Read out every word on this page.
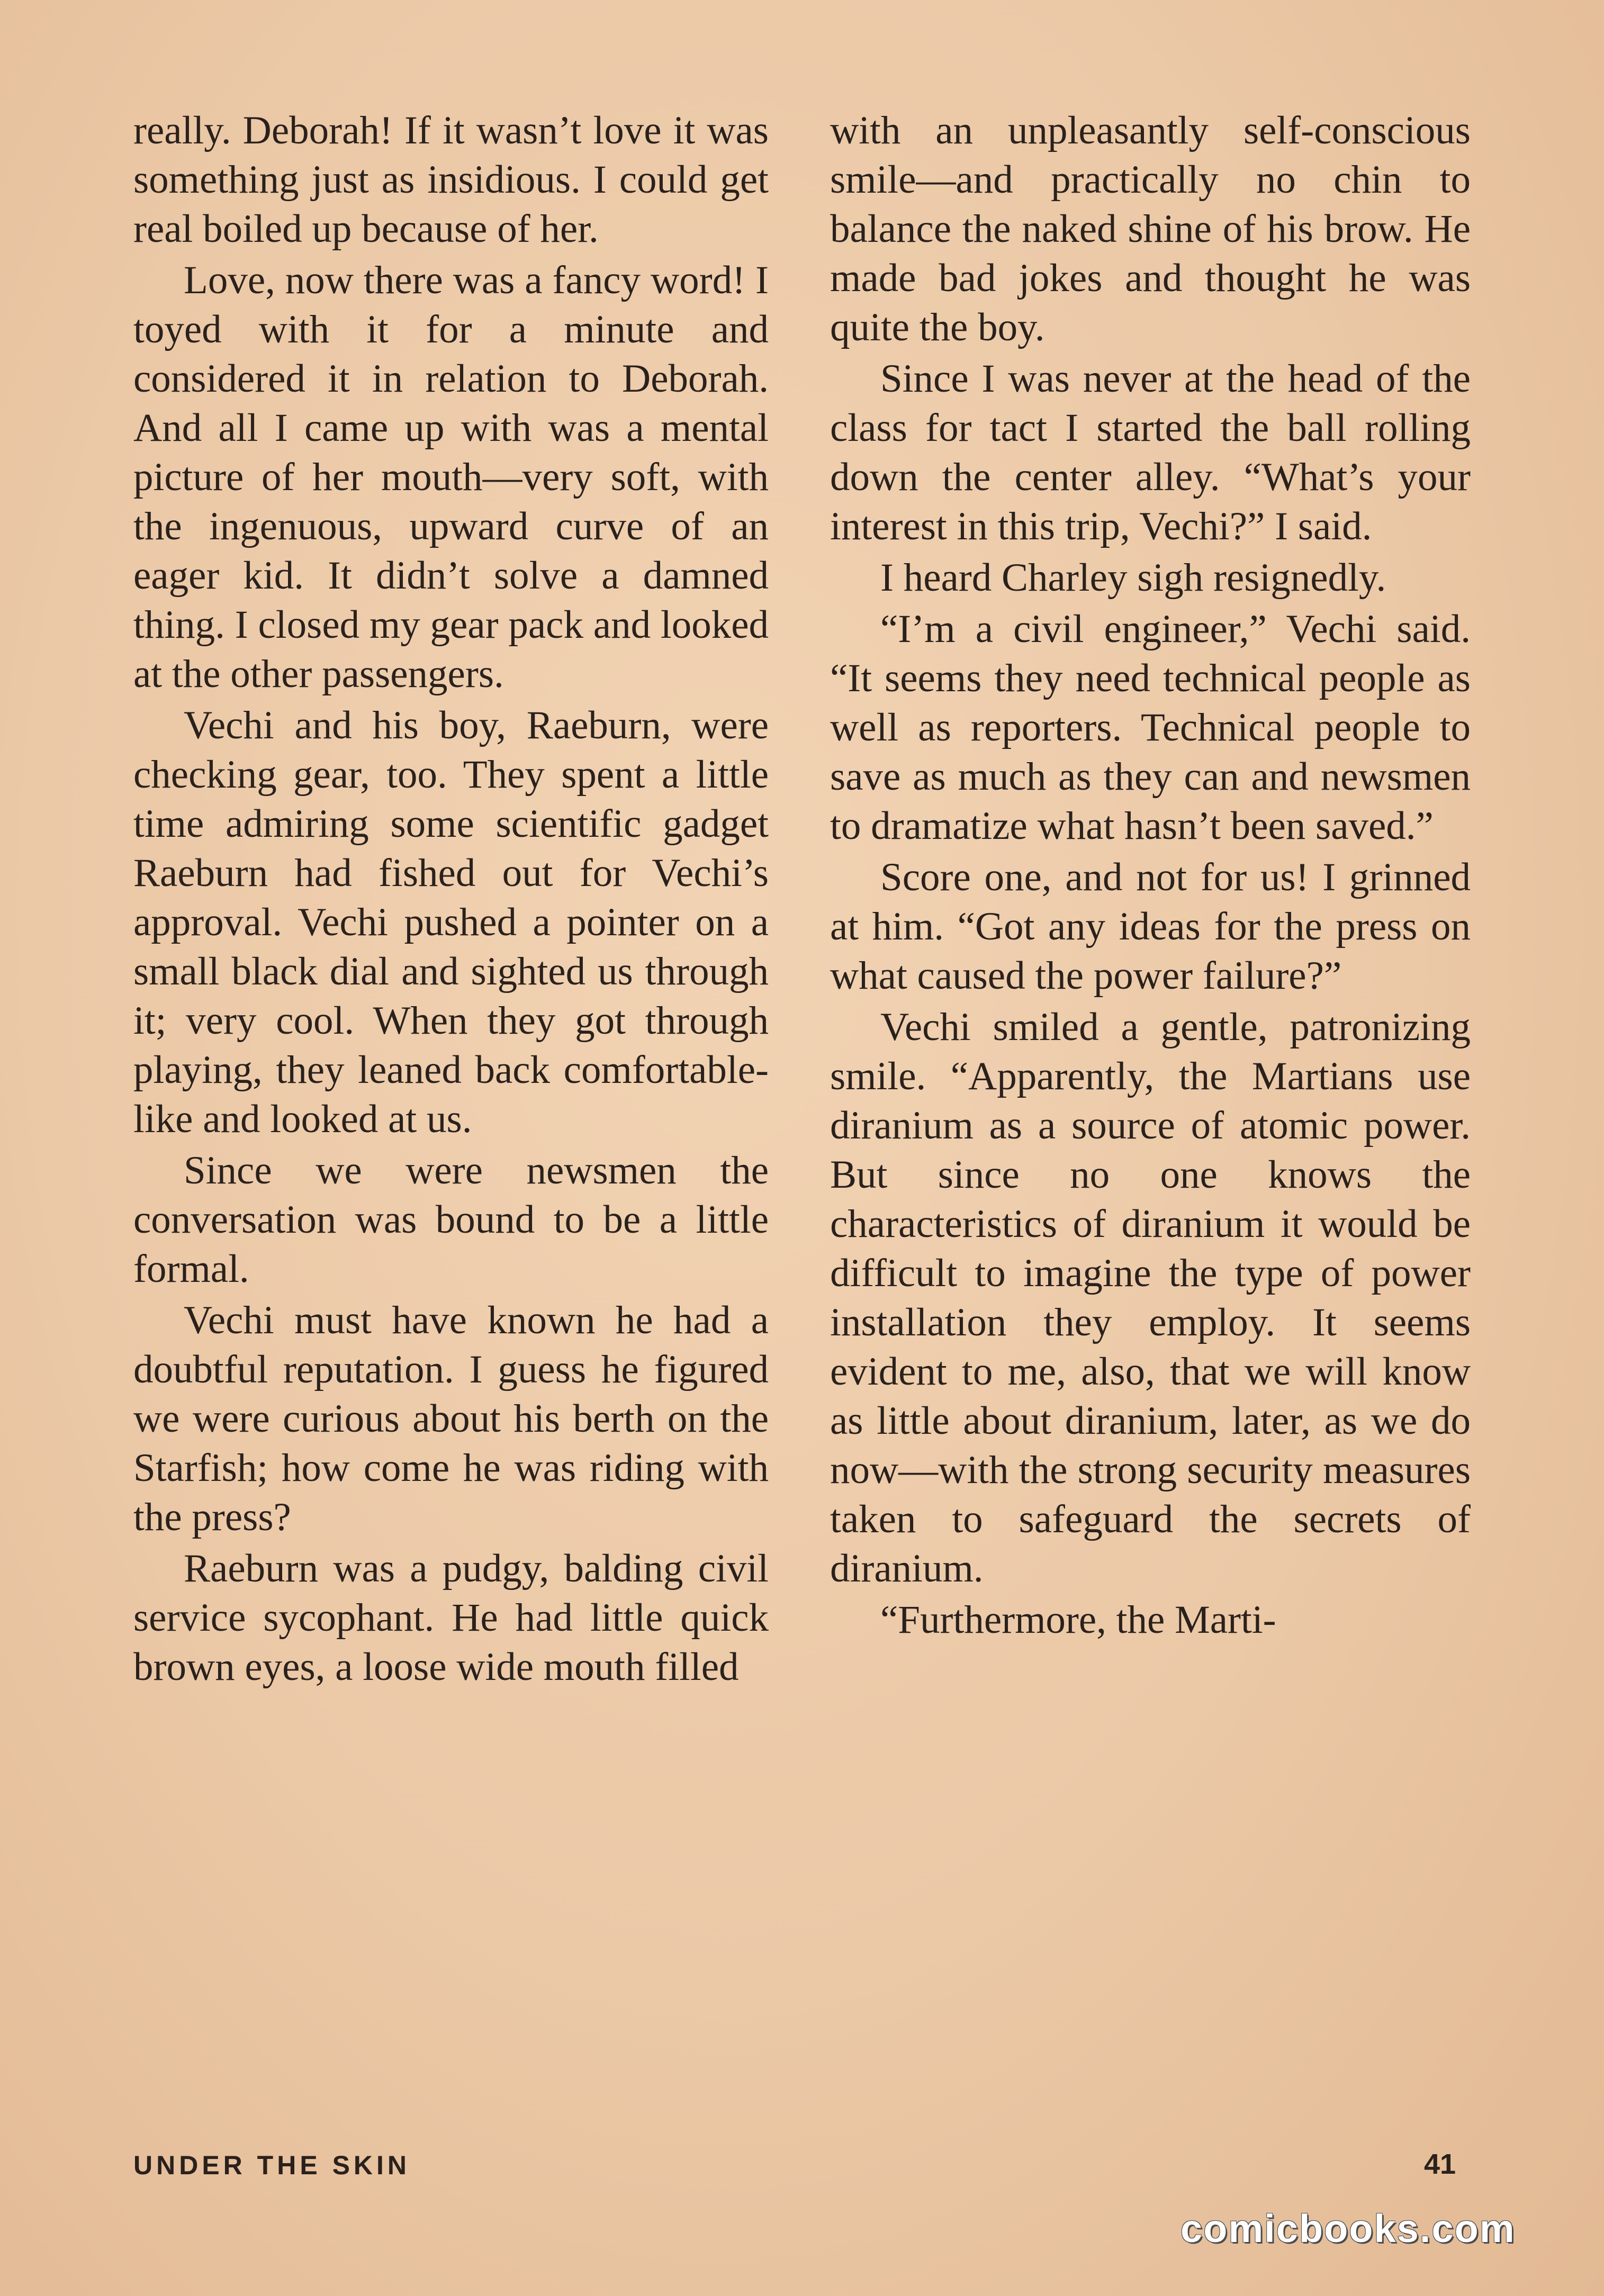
really. Deborah! If it wasn’t love it was something just as insidious. I could get real boiled up because of her.

Love, now there was a fancy word! I toyed with it for a minute and considered it in relation to Deborah. And all I came up with was a mental picture of her mouth—very soft, with the ingenuous, upward curve of an eager kid. It didn’t solve a damned thing. I closed my gear pack and looked at the other passengers.

Vechi and his boy, Raeburn, were checking gear, too. They spent a little time admiring some scientific gadget Raeburn had fished out for Vechi’s approval. Vechi pushed a pointer on a small black dial and sighted us through it; very cool. When they got through playing, they leaned back comfortable-like and looked at us.

Since we were newsmen the conversation was bound to be a little formal.

Vechi must have known he had a doubtful reputation. I guess he figured we were curious about his berth on the Starfish; how come he was riding with the press?

Raeburn was a pudgy, balding civil service sycophant. He had little quick brown eyes, a loose wide mouth filled

with an unpleasantly self-conscious smile—and practically no chin to balance the naked shine of his brow. He made bad jokes and thought he was quite the boy.

Since I was never at the head of the class for tact I started the ball rolling down the center alley. “What’s your interest in this trip, Vechi?” I said.

I heard Charley sigh resignedly.

“I’m a civil engineer,” Vechi said. “It seems they need technical people as well as reporters. Technical people to save as much as they can and newsmen to dramatize what hasn’t been saved.”

Score one, and not for us! I grinned at him. “Got any ideas for the press on what caused the power failure?”

Vechi smiled a gentle, patronizing smile. “Apparently, the Martians use diranium as a source of atomic power. But since no one knows the characteristics of diranium it would be difficult to imagine the type of power installation they employ. It seems evident to me, also, that we will know as little about diranium, later, as we do now—with the strong security measures taken to safeguard the secrets of diranium.

“Furthermore, the Marti-

UNDER THE SKIN	41
comicbooks.com
